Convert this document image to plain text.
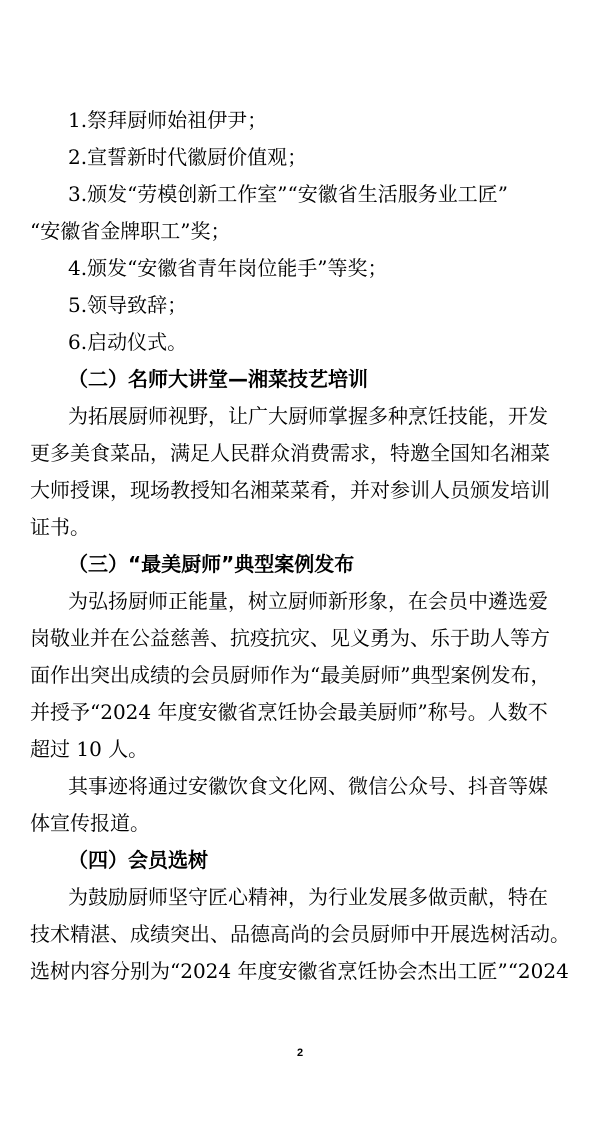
1.祭拜厨师始祖伊尹；
2.宣誓新时代徽厨价值观；
3.颁发“劳模创新工作室”“安徽省生活服务业工匠”
“安徽省金牌职工”奖；
4.颁发“安徽省青年岗位能手”等奖；
5.领导致辞；
6.启动仪式。
（二）名师大讲堂—湘菜技艺培训
为拓展厨师视野，让广大厨师掌握多种烹饪技能，开发
更多美食菜品，满足人民群众消费需求，特邀全国知名湘菜
大师授课，现场教授知名湘菜菜肴，并对参训人员颁发培训
证书。
（三）“最美厨师”典型案例发布
为弘扬厨师正能量，树立厨师新形象，在会员中遴选爱
岗敬业并在公益慈善、抗疫抗灾、见义勇为、乐于助人等方
面作出突出成绩的会员厨师作为“最美厨师”典型案例发布，
并授予“2024 年度安徽省烹饪协会最美厨师”称号。人数不
超过 10 人。
其事迹将通过安徽饮食文化网、微信公众号、抖音等媒
体宣传报道。
（四）会员选树
为鼓励厨师坚守匠心精神，为行业发展多做贡献，特在
技术精湛、成绩突出、品德高尚的会员厨师中开展选树活动。
选树内容分别为“2024 年度安徽省烹饪协会杰出工匠”“2024
2
